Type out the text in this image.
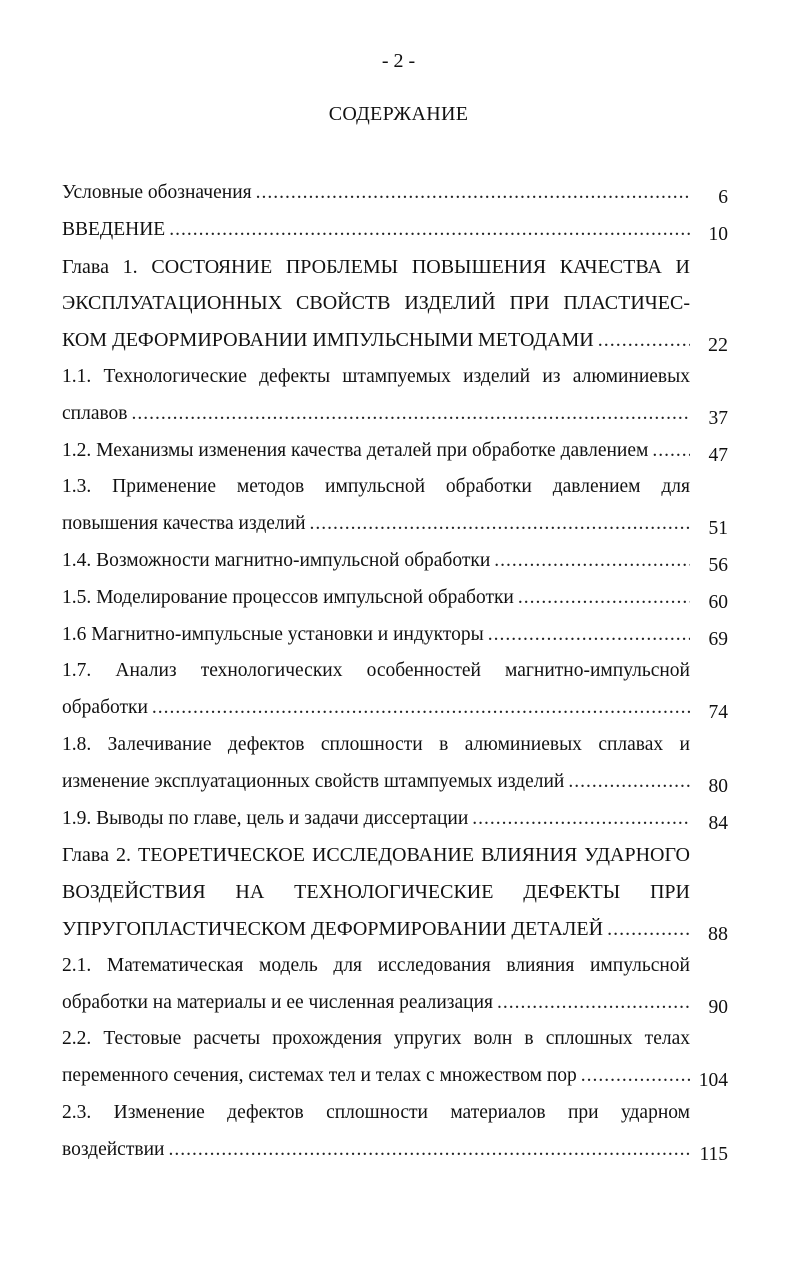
- 2 -
СОДЕРЖАНИЕ
Условные обозначения .....	6
ВВЕДЕНИЕ .....	10
Глава 1. СОСТОЯНИЕ ПРОБЛЕМЫ ПОВЫШЕНИЯ КАЧЕСТВА И
ЭКСПЛУАТАЦИОННЫХ СВОЙСТВ ИЗДЕЛИЙ ПРИ ПЛАСТИЧЕС-
КОМ ДЕФОРМИРОВАНИИ ИМПУЛЬСНЫМИ МЕТОДАМИ .....	22
1.1. Технологические дефекты штампуемых изделий из алюминиевых
сплавов .....	37
1.2. Механизмы изменения качества деталей при обработке давлением .....	47
1.3. Применение методов импульсной обработки давлением для
повышения качества изделий .....	51
1.4. Возможности магнитно-импульсной обработки .....	56
1.5. Моделирование процессов импульсной обработки .....	60
1.6 Магнитно-импульсные установки и индукторы .....	69
1.7. Анализ технологических особенностей магнитно-импульсной
обработки .....	74
1.8. Залечивание дефектов сплошности в алюминиевых сплавах и
изменение эксплуатационных свойств штампуемых изделий .....	80
1.9. Выводы по главе, цель и задачи диссертации .....	84
Глава 2. ТЕОРЕТИЧЕСКОЕ ИССЛЕДОВАНИЕ ВЛИЯНИЯ УДАРНОГО
ВОЗДЕЙСТВИЯ НА ТЕХНОЛОГИЧЕСКИЕ ДЕФЕКТЫ ПРИ
УПРУГОПЛАСТИЧЕСКОМ ДЕФОРМИРОВАНИИ ДЕТАЛЕЙ .....	88
2.1. Математическая модель для исследования влияния импульсной
обработки на материалы и ее численная реализация .....	90
2.2. Тестовые расчеты прохождения упругих волн в сплошных телах
переменного сечения, системах тел и телах с множеством пор .....	104
2.3. Изменение дефектов сплошности материалов при ударном
воздействии .....	115
